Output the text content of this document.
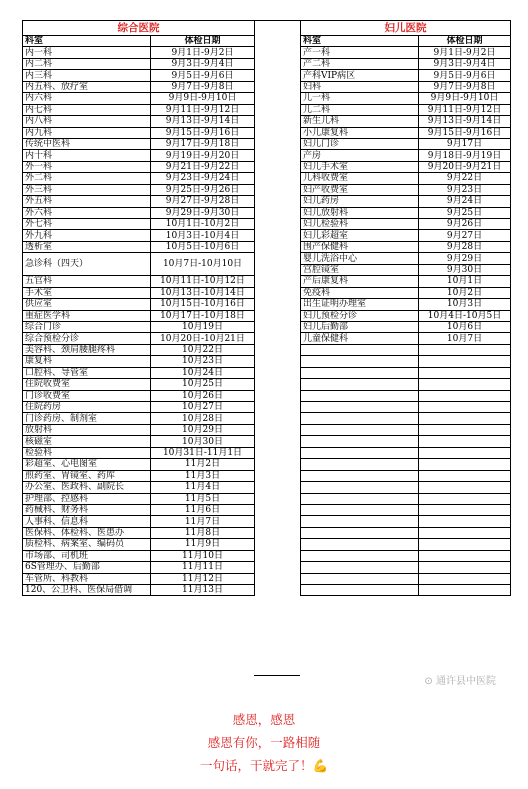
综合医院	
科室	体检日期
内一科	9月1日-9月2日
内二科	9月3日-9月4日
内三科	9月5日-9月6日
内五科、放疗室	9月7日-9月8日
内六科	9月9日-9月10日
内七科	9月11日-9月12日
内八科	9月13日-9月14日
内九科	9月15日-9月16日
传统中医科	9月17日-9月18日
内十科	9月19日-9月20日
外一科	9月21日-9月22日
外二科	9月23日-9月24日
外三科	9月25日-9月26日
外五科	9月27日-9月28日
外六科	9月29日-9月30日
外七科	10月1日-10月2日
外九科	10月3日-10月4日
透析室	10月5日-10月6日
急诊科（四天）	10月7日-10月10日
五官科	10月11日-10月12日
手术室	10月13日-10月14日
供应室	10月15日-10月16日
重症医学科	10月17日-10月18日
综合门诊	10月19日
综合预检分诊	10月20日-10月21日
美容科、颈肩腰腿疼科	10月22日
康复科	10月23日
口腔科、导管室	10月24日
住院收费室	10月25日
门诊收费室	10月26日
住院药房	10月27日
门诊药房、制剂室	10月28日
放射科	10月29日
核磁室	10月30日
检验科	10月31日-11月1日
彩超室、心电图室	11月2日
煎药室、胃镜室、药库	11月3日
办公室、医政科、副院长	11月4日
护理部、控感科	11月5日
药械科、财务科	11月6日
人事科、信息科	11月7日
医保科、体检科、医患办	11月8日
质检科、病案室、编码员	11月9日
市场部、司机班	11月10日
6S管理办、后勤部	11月11日
车管所、科教科	11月12日
120、公卫科、医保局借调	11月13日
妇儿医院	
科室	体检日期
产一科	9月1日-9月2日
产二科	9月3日-9月4日
产科VIP病区	9月5日-9月6日
妇科	9月7日-9月8日
儿一科	9月9日-9月10日
儿二科	9月11日-9月12日
新生儿科	9月13日-9月14日
小儿康复科	9月15日-9月16日
妇儿门诊	9月17日
产房	9月18日-9月19日
妇儿手术室	9月20日-9月21日
儿科收费室	9月22日
妇产收费室	9月23日
妇儿药房	9月24日
妇儿放射科	9月25日
妇儿检验科	9月26日
妇儿彩超室	9月27日
围产保健科	9月28日
婴儿洗浴中心	9月29日
宫腔镜室	9月30日
产后康复科	10月1日
免疫科	10月2日
出生证明办理室	10月3日
妇儿预检分诊	10月4日-10月5日
妇儿后勤部	10月6日
儿童保健科	10月7日

⊙ 通许县中医院
感恩，感恩
感恩有你，一路相随
一句话，干就完了！💪
